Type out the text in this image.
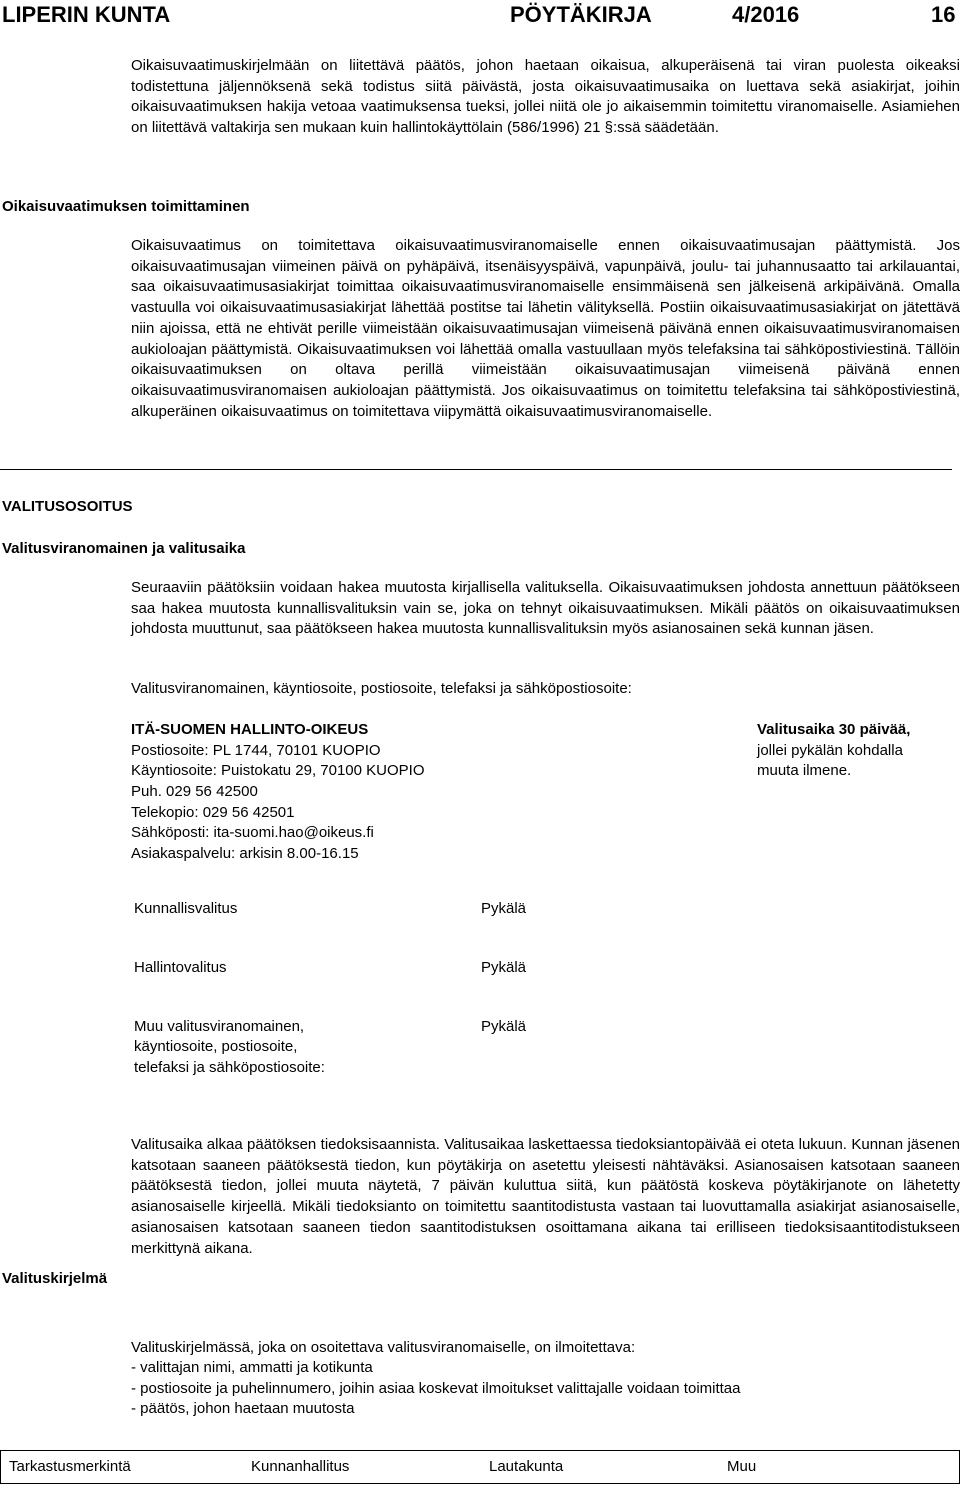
LIPERIN KUNTA	PÖYTÄKIRJA	4/2016	16

Oikaisuvaatimuskirjelmään on liitettävä päätös, johon haetaan oikaisua, alkuperäisenä tai viran puolesta oikeaksi todistettuna jäljennöksenä sekä todistus siitä päivästä, josta oikaisuvaatimusaika on luettava sekä asiakirjat, joihin oikaisuvaatimuksen hakija vetoaa vaatimuksensa tueksi, jollei niitä ole jo aikaisemmin toimitettu viranomaiselle. Asiamiehen on liitettävä valtakirja sen mukaan kuin hallintokäyttölain (586/1996) 21 §:ssä säädetään.

Oikaisuvaatimuksen toimittaminen

Oikaisuvaatimus on toimitettava oikaisuvaatimusviranomaiselle ennen oikaisuvaatimusajan päättymistä. Jos oikaisuvaatimusajan viimeinen päivä on pyhäpäivä, itsenäisyyspäivä, vapunpäivä, joulu- tai juhannusaatto tai arkilauantai, saa oikaisuvaatimusasiakirjat toimittaa oikaisuvaatimusviranomaiselle ensimmäisenä sen jälkeisenä arkipäivänä. Omalla vastuulla voi oikaisuvaatimusasiakirjat lähettää postitse tai lähetin välityksellä. Postiin oikaisuvaatimusasiakirjat on jätettävä niin ajoissa, että ne ehtivät perille viimeistään oikaisuvaatimusajan viimeisenä päivänä ennen oikaisuvaatimusviranomaisen aukioloajan päättymistä. Oikaisuvaatimuksen voi lähettää omalla vastuullaan myös telefaksina tai sähköpostiviestinä. Tällöin oikaisuvaatimuksen on oltava perillä viimeistään oikaisuvaatimusajan viimeisenä päivänä ennen oikaisuvaatimusviranomaisen aukioloajan päättymistä. Jos oikaisuvaatimus on toimitettu telefaksina tai sähköpostiviestinä, alkuperäinen oikaisuvaatimus on toimitettava viipymättä oikaisuvaatimusviranomaiselle.

VALITUSOSOITUS
Valitusviranomainen ja valitusaika

Seuraaviin päätöksiin voidaan hakea muutosta kirjallisella valituksella. Oikaisuvaatimuksen johdosta annettuun päätökseen saa hakea muutosta kunnallisvalituksin vain se, joka on tehnyt oikaisuvaatimuksen. Mikäli päätös on oikaisuvaatimuksen johdosta muuttunut, saa päätökseen hakea muutosta kunnallisvalituksin myös asianosainen sekä kunnan jäsen.

Valitusviranomainen, käyntiosoite, postiosoite, telefaksi ja sähköpostiosoite:
ITÄ-SUOMEN HALLINTO-OIKEUS
Postiosoite: PL 1744, 70101 KUOPIO
Käyntiosoite: Puistokatu 29, 70100 KUOPIO
Puh. 029 56 42500
Telekopio: 029 56 42501
Sähköposti: ita-suomi.hao@oikeus.fi
Asiakaspalvelu: arkisin 8.00-16.15
Valitusaika 30 päivää,
jollei pykälän kohdalla
muuta ilmene.
Kunnallisvalitus	Pykälä
Hallintovalitus	Pykälä
Muu valitusviranomainen,
käyntiosoite, postiosoite,
telefaksi ja sähköpostiosoite:
Pykälä

Valitusaika alkaa päätöksen tiedoksisaannista. Valitusaikaa laskettaessa tiedoksiantopäivää ei oteta lukuun. Kunnan jäsenen katsotaan saaneen päätöksestä tiedon, kun pöytäkirja on asetettu yleisesti nähtäväksi. Asianosaisen katsotaan saaneen päätöksestä tiedon, jollei muuta näytetä, 7 päivän kuluttua siitä, kun päätöstä koskeva pöytäkirjanote on lähetetty asianosaiselle kirjeellä. Mikäli tiedoksianto on toimitettu saantitodistusta vastaan tai luovuttamalla asiakirjat asianosaiselle, asianosaisen katsotaan saaneen tiedon saantitodistuksen osoittamana aikana tai erilliseen tiedoksisaantitodistukseen merkittynä aikana.

Valituskirjelmä
Valituskirjelmässä, joka on osoitettava valitusviranomaiselle, on ilmoitettava:
- valittajan nimi, ammatti ja kotikunta
- postiosoite ja puhelinnumero, joihin asiaa koskevat ilmoitukset valittajalle voidaan toimittaa
- päätös, johon haetaan muutosta
Tarkastusmerkintä	Kunnanhallitus	Lautakunta	Muu
